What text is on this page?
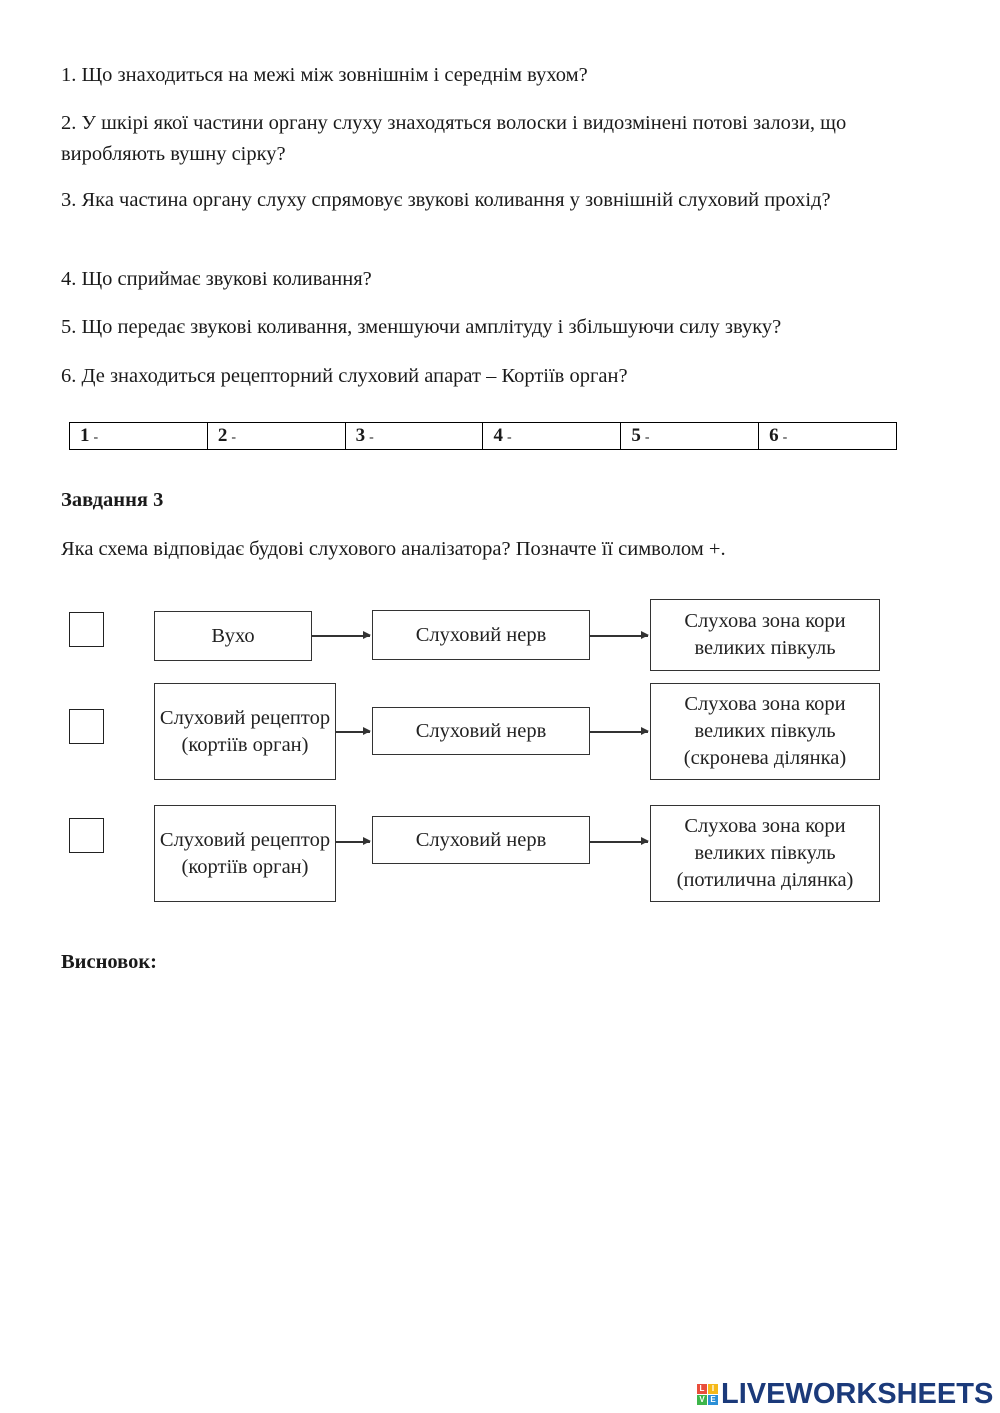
1. Що знаходиться на межі між зовнішнім і середнім вухом?
2. У шкірі якої частини органу слуху знаходяться волоски і видозмінені потові залози, що виробляють вушну сірку?
3. Яка частина органу слуху спрямовує звукові коливання у зовнішній слуховий прохід?
4. Що сприймає звукові коливання?
5. Що передає звукові коливання, зменшуючи амплітуду і збільшуючи силу звуку?
6. Де знаходиться рецепторний слуховий апарат – Кортіїв орган?
1 -	2 -	3 -	4 -	5 -	6 -
Завдання 3
Яка схема відповідає будові слухового аналізатора? Позначте її символом +.
Вухо	Слуховий нерв
Слухова зона кори великих півкуль
Слуховий рецептор (кортіїв орган)
Слуховий нерв
Слухова зона кори великих півкуль (скронева ділянка)
Слуховий рецептор (кортіїв орган)
Слуховий нерв
Слухова зона кори великих півкуль (потилична ділянка)
Висновок:
L I
V E LIVEWORKSHEETS
